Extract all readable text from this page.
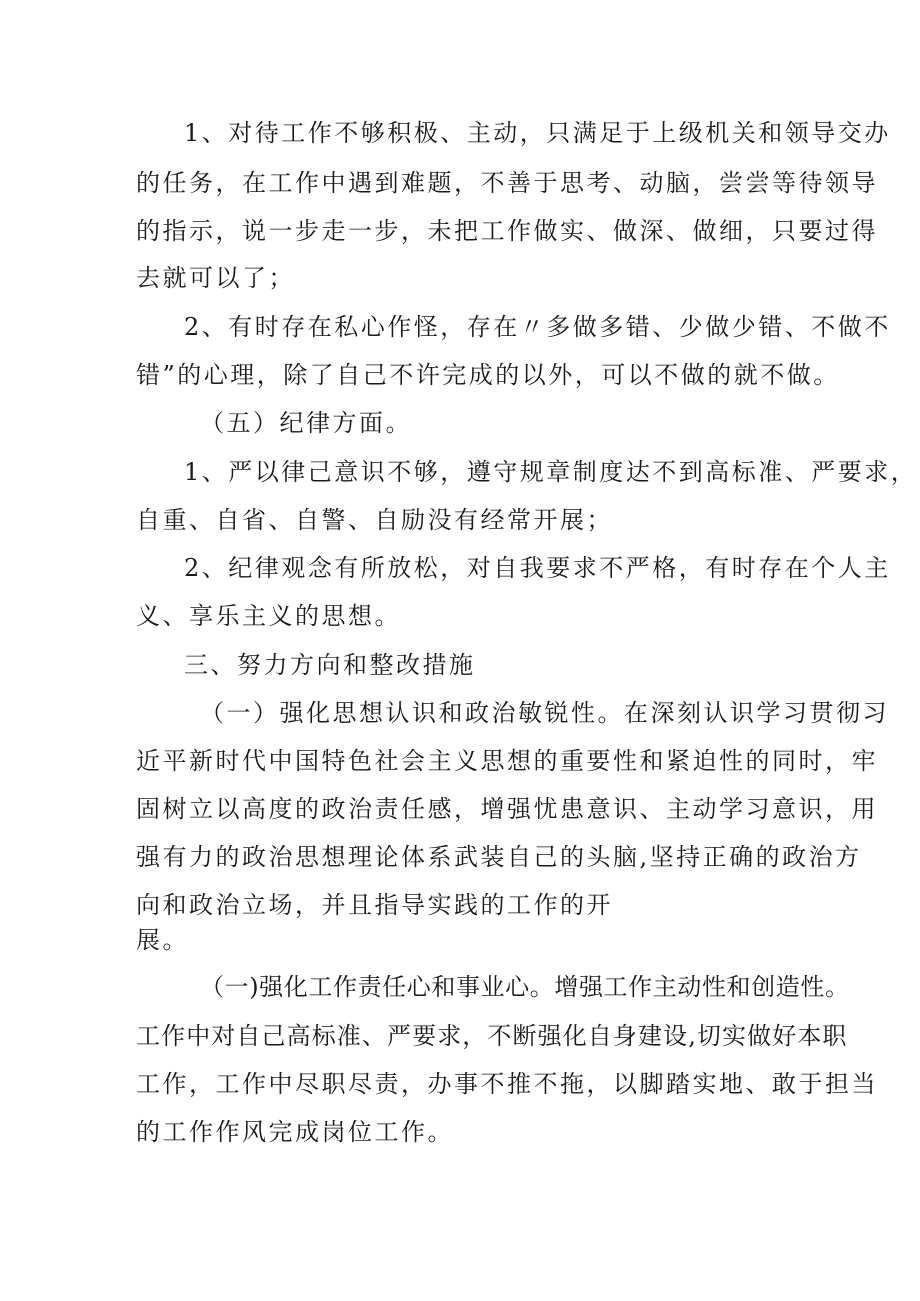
1、对待工作不够积极、主动，只满足于上级机关和领导交办
的任务，在工作中遇到难题，不善于思考、动脑，尝尝等待领导
的指示，说一步走一步，未把工作做实、做深、做细，只要过得
去就可以了；
2、有时存在私心作怪，存在〃多做多错、少做少错、不做不
错”的心理，除了自己不许完成的以外，可以不做的就不做。
（五）纪律方面。
1、严以律己意识不够，遵守规章制度达不到高标准、严要求，
自重、自省、自警、自励没有经常开展；
2、纪律观念有所放松，对自我要求不严格，有时存在个人主
义、享乐主义的思想。
三、努力方向和整改措施
（一）强化思想认识和政治敏锐性。在深刻认识学习贯彻习
近平新时代中国特色社会主义思想的重要性和紧迫性的同时，牢
固树立以高度的政治责任感，增强忧患意识、主动学习意识，用
强有力的政治思想理论体系武装自己的头脑,坚持正确的政治方
向和政治立场，并且指导实践的工作的开
展。
（一)强化工作责任心和事业心。增强工作主动性和创造性。
工作中对自己高标准、严要求，不断强化自身建设,切实做好本职
工作，工作中尽职尽责，办事不推不拖，以脚踏实地、敢于担当
的工作作风完成岗位工作。
